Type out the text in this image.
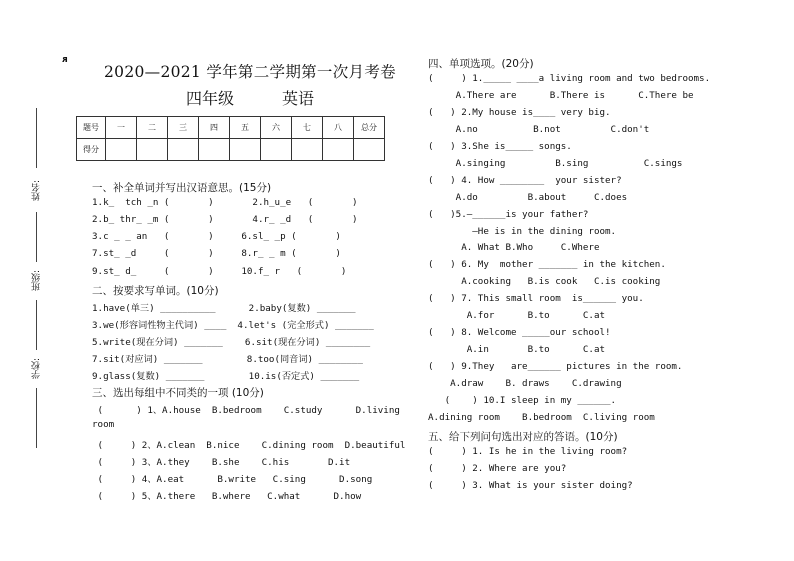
ᴙ
2020—2021 学年第二学期第一次月考卷
四年级	英语
姓名:
班级:
学校:
题号	一	二	三	四	五	六	七	八	总分
得分									
一、补全单词并写出汉语意思。(15分)
1.k_  tch _n (       )       2.h_u_e   (       )
2.b_ thr_ _m (       )       4.r_ _d   (       )
3.c _ _ an   (       )     6.sl_ _p (       )
7.st_ _d     (       )     8.r_ _ m (       )
9.st_ d_     (       )     10.f_ r   (       )
二、按要求写单词。(10分)
1.have(单三) __________      2.baby(复数) _______
3.we(形容词性物主代词) ____  4.let's (完全形式) _______
5.write(现在分词) _______    6.sit(现在分词) ________
7.sit(对应词) _______        8.too(同音词) ________
9.glass(复数) _______        10.is(否定式) _______
三、选出每组中不同类的一项 (10分)
(      ) 1、A.house  B.bedroom    C.study      D.living
room
(     ) 2、A.clean  B.nice    C.dining room  D.beautiful
(     ) 3、A.they    B.she    C.his       D.it
(     ) 4、A.eat      B.write   C.sing      D.song
(     ) 5、A.there   B.where   C.what      D.how
四、单项选项。(20分)
(     ) 1._____ ____a living room and two bedrooms.
A.There are      B.There is      C.There be
(   ) 2.My house is____ very big.
A.no          B.not         C.don't
(   ) 3.She is_____ songs.
A.singing         B.sing          C.sings
(   ) 4. How ________  your sister?
A.do         B.about     C.does
(   )5.—______is your father?
—He is in the dining room.
A. What B.Who     C.Where
(   ) 6. My  mother _______ in the kitchen.
A.cooking   B.is cook   C.is cooking
(   ) 7. This small room  is______ you.
A.for      B.to      C.at
(   ) 8. Welcome _____our school!
A.in       B.to      C.at
(   ) 9.They   are______ pictures in the room.
A.draw    B. draws    C.drawing
(    ) 10.I sleep in my ______.
A.dining room    B.bedroom  C.living room
五、给下列问句选出对应的答语。(10分)
(     ) 1. Is he in the living room?
(     ) 2. Where are you?
(     ) 3. What is your sister doing?
